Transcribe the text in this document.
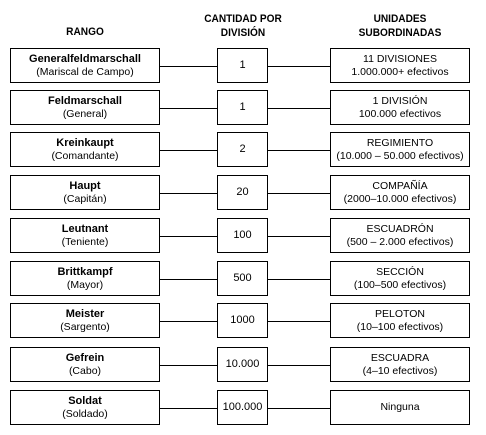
RANGO
CANTIDAD POR
DIVISIÓN
UNIDADES
SUBORDINADAS
Generalfeldmarschall
(Mariscal de Campo)
1
11 DIVISIONES
1.000.000+ efectivos
Feldmarschall
(General)
1
1 DIVISIÓN
100.000 efectivos
Kreinkaupt
(Comandante)
2
REGIMIENTO
(10.000 – 50.000 efectivos)
Haupt
(Capitán)
20
COMPAÑÍA
(2000–10.000 efectivos)
Leutnant
(Teniente)
100
ESCUADRÓN
(500 – 2.000 efectivos)
Brittkampf
(Mayor)
500
SECCIÓN
(100–500 efectivos)
Meister
(Sargento)
1000
PELOTON
(10–100 efectivos)
Gefrein
(Cabo)
10.000
ESCUADRA
(4–10 efectivos)
Soldat
(Soldado)
100.000	Ninguna
